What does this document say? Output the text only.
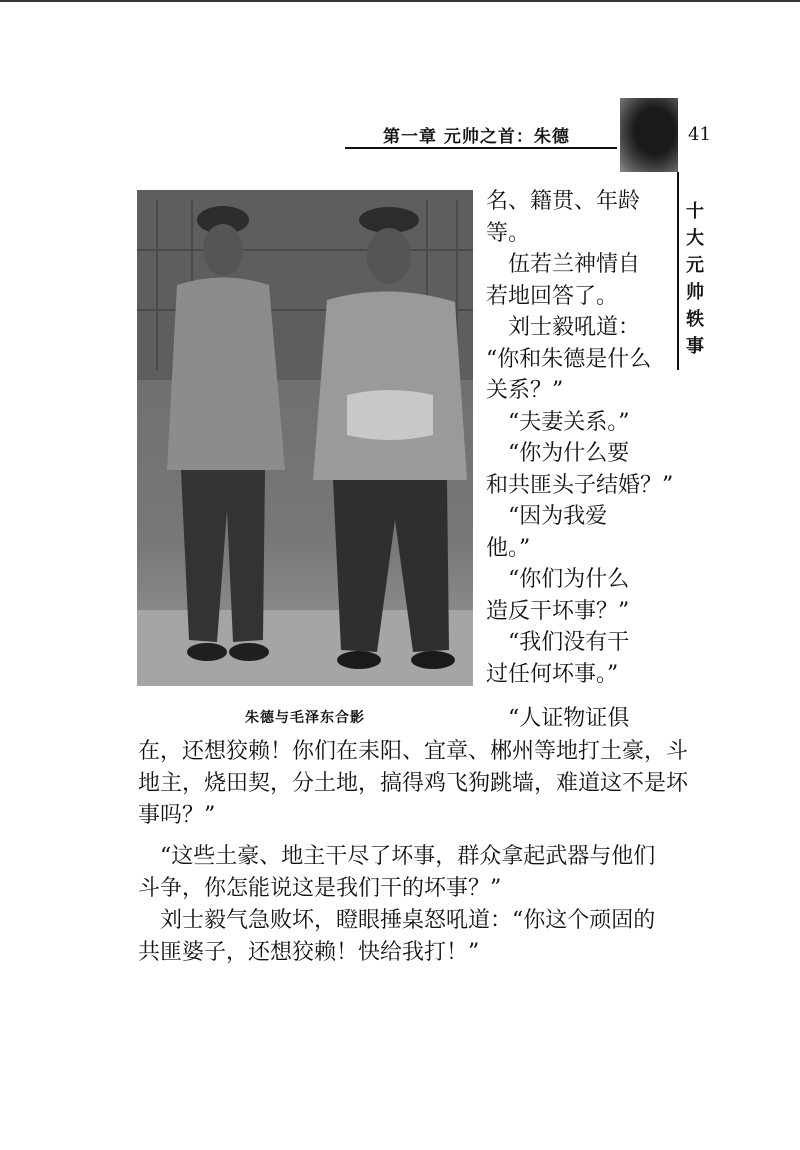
第一章 元帅之首：朱德	41
十
大
元
帅
轶
事
朱德与毛泽东合影

名、籍贯、年龄

等。

　伍若兰神情自

若地回答了。

　刘士毅吼道：

“你和朱德是什么

关系？”

　“夫妻关系。”

　“你为什么要

和共匪头子结婚？”

　“因为我爱

他。”

　“你们为什么

造反干坏事？”

　“我们没有干

过任何坏事。”

　“人证物证俱

在，还想狡赖！你们在耒阳、宜章、郴州等地打土豪，斗

地主，烧田契，分土地，搞得鸡飞狗跳墙，难道这不是坏

事吗？”

　“这些土豪、地主干尽了坏事，群众拿起武器与他们

斗争，你怎能说这是我们干的坏事？”

　刘士毅气急败坏，瞪眼捶桌怒吼道：“你这个顽固的

共匪婆子，还想狡赖！快给我打！”
